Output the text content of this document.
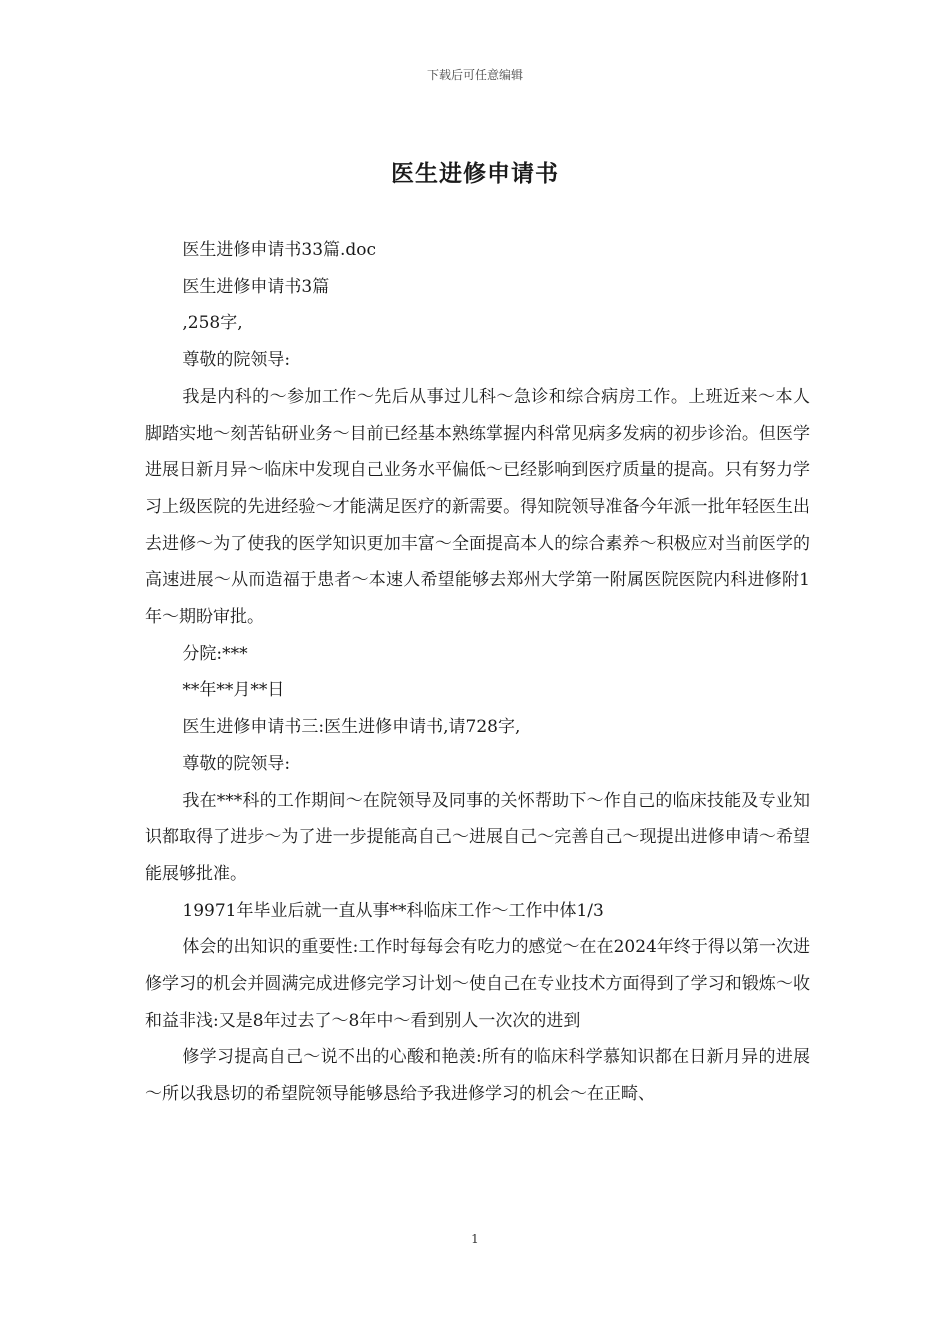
下载后可任意编辑
医生进修申请书

医生进修申请书33篇.doc

医生进修申请书3篇

,258字,

尊敬的院领导:

我是内科的～参加工作～先后从事过儿科～急诊和综合病房工作。上班近来～本人脚踏实地～刻苦钻研业务～目前已经基本熟练掌握内科常见病多发病的初步诊治。但医学进展日新月异～临床中发现自己业务水平偏低～已经影响到医疗质量的提高。只有努力学习上级医院的先进经验～才能满足医疗的新需要。得知院领导准备今年派一批年轻医生出去进修～为了使我的医学知识更加丰富～全面提高本人的综合素养～积极应对当前医学的高速进展～从而造福于患者～本速人希望能够去郑州大学第一附属医院医院内科进修附1年～期盼审批。

分院:***

**年**月**日

医生进修申请书三:医生进修申请书,请728字,

尊敬的院领导:

我在***科的工作期间～在院领导及同事的关怀帮助下～作自己的临床技能及专业知识都取得了进步～为了进一步提能高自己～进展自己～完善自己～现提出进修申请～希望能展够批准。

19971年毕业后就一直从事**科临床工作～工作中体1/3

体会的出知识的重要性:工作时每每会有吃力的感觉～在在2024年终于得以第一次进修学习的机会并圆满完成进修完学习计划～使自己在专业技术方面得到了学习和锻炼～收和益非浅:又是8年过去了～8年中～看到别人一次次的进到

修学习提高自己～说不出的心酸和艳羡:所有的临床科学慕知识都在日新月异的进展～所以我恳切的希望院领导能够恳给予我进修学习的机会～在正畸、

1
